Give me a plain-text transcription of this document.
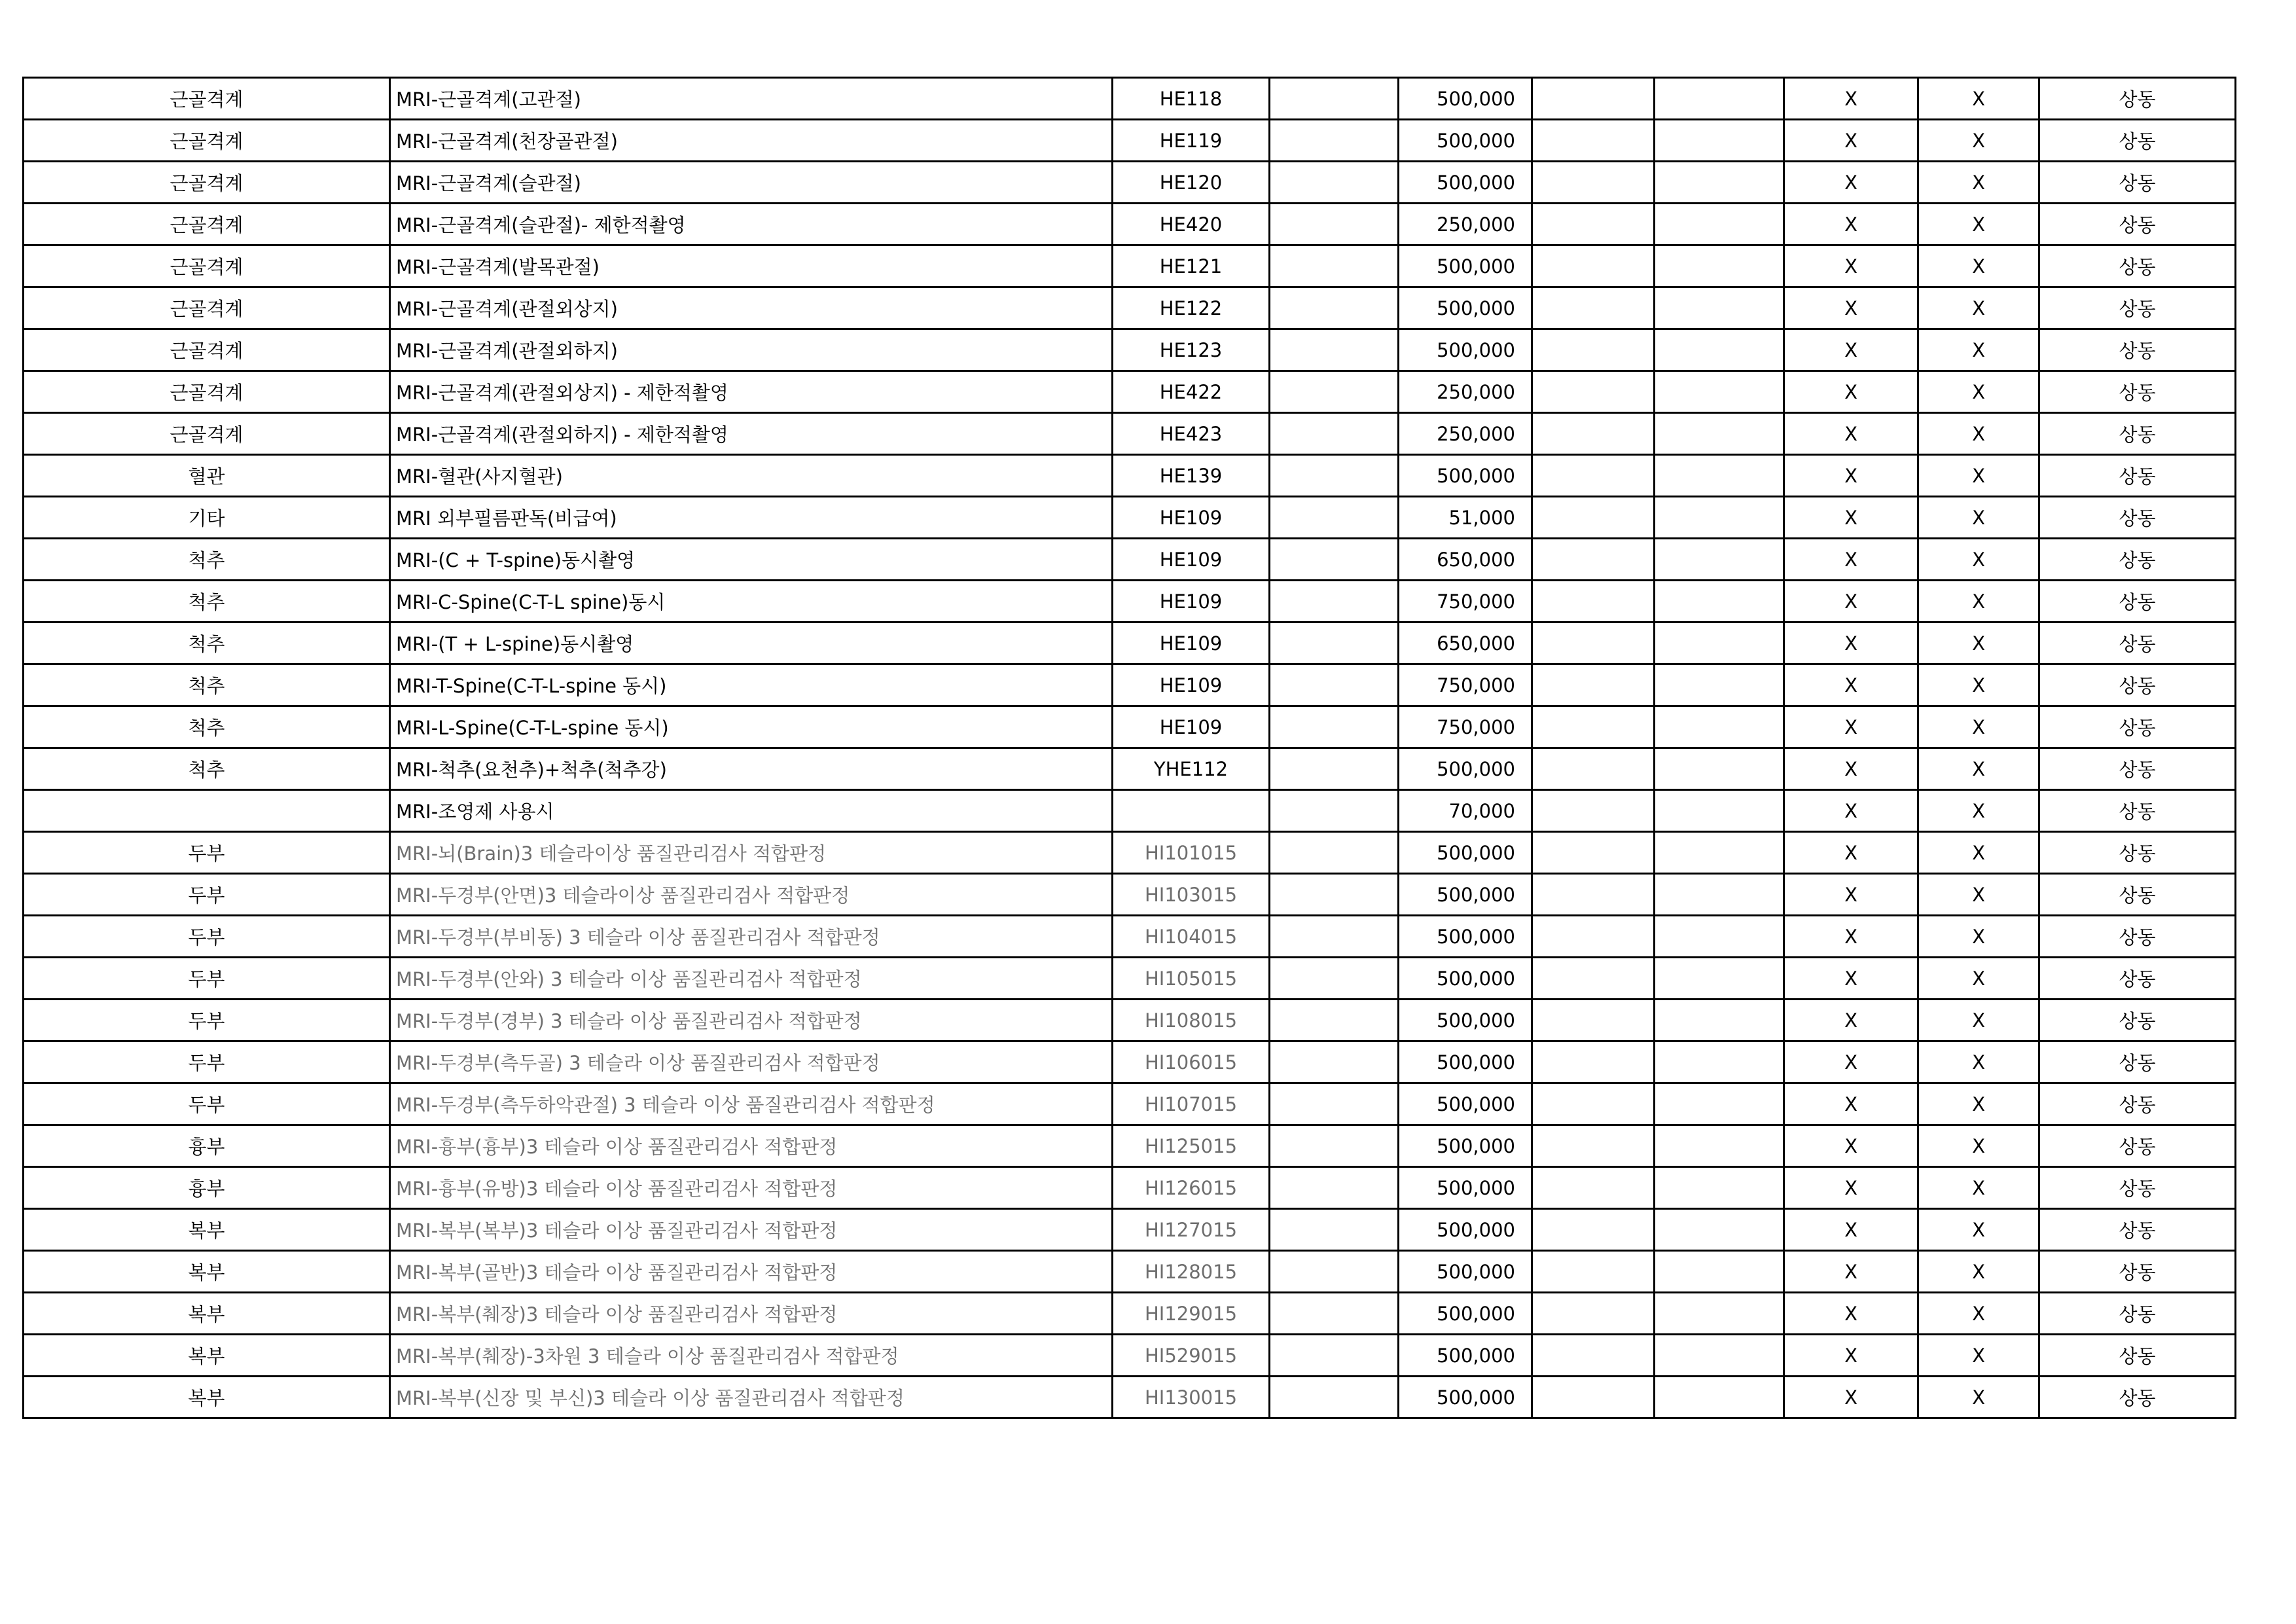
근골격계	MRI-근골격계(고관절)	HE118		500,000			X	X	상동
근골격계	MRI-근골격계(천장골관절)	HE119		500,000			X	X	상동
근골격계	MRI-근골격계(슬관절)	HE120		500,000			X	X	상동
근골격계	MRI-근골격계(슬관절)- 제한적촬영	HE420		250,000			X	X	상동
근골격계	MRI-근골격계(발목관절)	HE121		500,000			X	X	상동
근골격계	MRI-근골격계(관절외상지)	HE122		500,000			X	X	상동
근골격계	MRI-근골격계(관절외하지)	HE123		500,000			X	X	상동
근골격계	MRI-근골격계(관절외상지) - 제한적촬영	HE422		250,000			X	X	상동
근골격계	MRI-근골격계(관절외하지) - 제한적촬영	HE423		250,000			X	X	상동
혈관	MRI-혈관(사지혈관)	HE139		500,000			X	X	상동
기타	MRI 외부필름판독(비급여)	HE109		51,000			X	X	상동
척추	MRI-(C + T-spine)동시촬영	HE109		650,000			X	X	상동
척추	MRI-C-Spine(C-T-L spine)동시	HE109		750,000			X	X	상동
척추	MRI-(T + L-spine)동시촬영	HE109		650,000			X	X	상동
척추	MRI-T-Spine(C-T-L-spine 동시)	HE109		750,000			X	X	상동
척추	MRI-L-Spine(C-T-L-spine 동시)	HE109		750,000			X	X	상동
척추	MRI-척추(요천추)+척추(척추강)	YHE112		500,000			X	X	상동
	MRI-조영제 사용시			70,000			X	X	상동
두부	MRI-뇌(Brain)3 테슬라이상 품질관리검사 적합판정	HI101015		500,000			X	X	상동
두부	MRI-두경부(안면)3 테슬라이상 품질관리검사 적합판정	HI103015		500,000			X	X	상동
두부	MRI-두경부(부비동) 3 테슬라 이상 품질관리검사 적합판정	HI104015		500,000			X	X	상동
두부	MRI-두경부(안와) 3 테슬라 이상 품질관리검사 적합판정	HI105015		500,000			X	X	상동
두부	MRI-두경부(경부) 3 테슬라 이상 품질관리검사 적합판정	HI108015		500,000			X	X	상동
두부	MRI-두경부(측두골) 3 테슬라 이상 품질관리검사 적합판정	HI106015		500,000			X	X	상동
두부	MRI-두경부(측두하악관절) 3 테슬라 이상 품질관리검사 적합판정	HI107015		500,000			X	X	상동
흉부	MRI-흉부(흉부)3 테슬라 이상 품질관리검사 적합판정	HI125015		500,000			X	X	상동
흉부	MRI-흉부(유방)3 테슬라 이상 품질관리검사 적합판정	HI126015		500,000			X	X	상동
복부	MRI-복부(복부)3 테슬라 이상 품질관리검사 적합판정	HI127015		500,000			X	X	상동
복부	MRI-복부(골반)3 테슬라 이상 품질관리검사 적합판정	HI128015		500,000			X	X	상동
복부	MRI-복부(췌장)3 테슬라 이상 품질관리검사 적합판정	HI129015		500,000			X	X	상동
복부	MRI-복부(췌장)-3차원 3 테슬라 이상 품질관리검사 적합판정	HI529015		500,000			X	X	상동
복부	MRI-복부(신장 및 부신)3 테슬라 이상 품질관리검사 적합판정	HI130015		500,000			X	X	상동
